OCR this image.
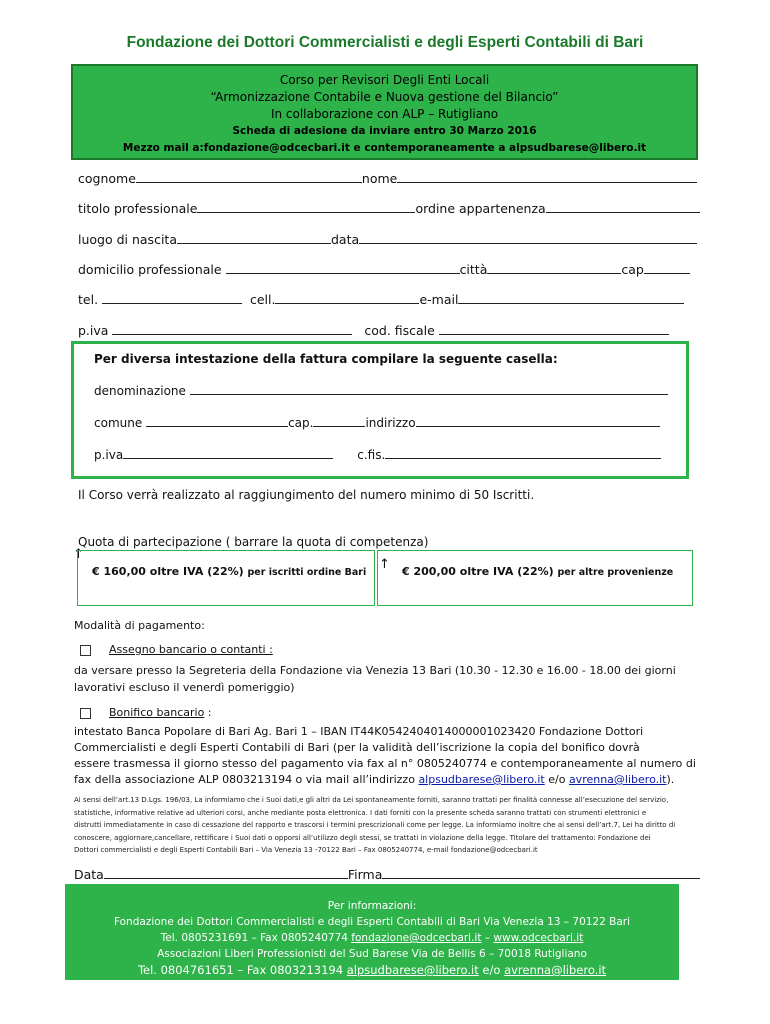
Fondazione dei Dottori Commercialisti e degli Esperti Contabili di Bari
Corso per Revisori Degli Enti Locali
“Armonizzazione Contabile e Nuova gestione del Bilancio”
In collaborazione con ALP – Rutigliano
Scheda di adesione da inviare entro 30 Marzo 2016
Mezzo mail a:fondazione@odcecbari.it e contemporaneamente a alpsudbarese@libero.it
cognome	nome
titolo professionale	ordine appartenenza
luogo di nascita	data
domicilio professionale	città	cap
tel.	cell.	e-mail
p.iva	cod. fiscale
Per diversa intestazione della fattura compilare la seguente casella:
denominazione
comune	cap.	indirizzo
p.iva	c.fis.
Il Corso verrà realizzato al raggiungimento del numero minimo di 50 Iscritti.
Quota di partecipazione ( barrare la quota di competenza)
↑
€ 160,00 oltre IVA (22%) per iscritti ordine Bari
↑ € 200,00 oltre IVA (22%) per altre provenienze
Modalità di pagamento:
Assegno bancario o contanti :
da versare presso la Segreteria della Fondazione via Venezia 13 Bari (10.30 - 12.30 e 16.00 - 18.00 dei giorni lavorativi escluso il venerdì pomeriggio)
Bonifico bancario :
intestato Banca Popolare di Bari Ag. Bari 1 – IBAN IT44K0542404014000001023420 Fondazione Dottori
Commercialisti e degli Esperti Contabili di Bari (per la validità dell’iscrizione la copia del bonifico dovrà
essere trasmessa il giorno stesso del pagamento via fax al n° 0805240774 e contemporaneamente al numero di
fax della associazione ALP 0803213194 o via mail all’indirizzo alpsudbarese@libero.it e/o avrenna@libero.it).
Ai sensi dell’art.13 D.Lgs. 196/03, La informiamo che i Suoi dati,e gli altri da Lei spontaneamente forniti, saranno trattati per finalità connesse all’esecuzione del servizio,
statistiche, informative relative ad ulteriori corsi, anche mediante posta elettronica. I dati forniti con la presente scheda saranno trattati con strumenti elettronici e
distrutti immediatamente in caso di cessazione del rapporto e trascorsi i termini prescrizionali come per legge. La informiamo inoltre che ai sensi dell’art.7, Lei ha diritto di
conoscere, aggiornare,cancellare, rettificare i Suoi dati o opporsi all’utilizzo degli stessi, se trattati in violazione della legge. Titolare del trattamento: Fondazione dei
Dottori commercialisti e degli Esperti Contabili Bari – Via Venezia 13 -70122 Bari – Fax 0805240774, e-mail fondazione@odcecbari.it
Data	Firma
Per informazioni:
Fondazione dei Dottori Commercialisti e degli Esperti Contabili di Bari Via Venezia 13 – 70122 Bari
Tel. 0805231691 – Fax 0805240774 fondazione@odcecbari.it – www.odcecbari.it
Associazioni Liberi Professionisti del Sud Barese Via de Bellis 6 – 70018 Rutigliano
Tel. 0804761651 – Fax 0803213194 alpsudbarese@libero.it e/o avrenna@libero.it
